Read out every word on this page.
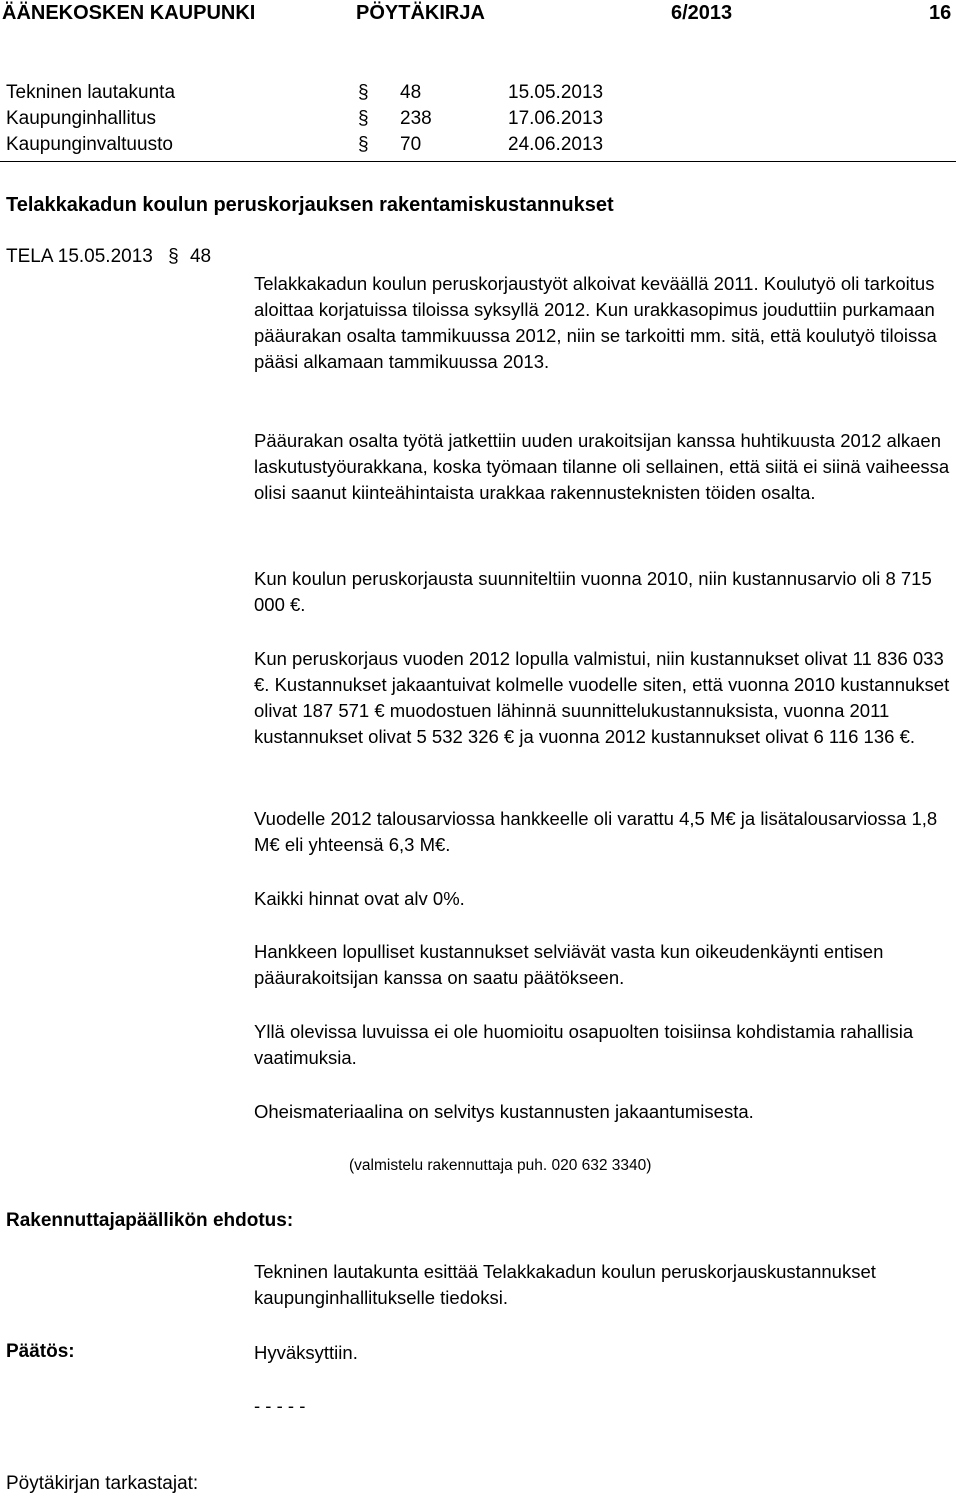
ÄÄNEKOSKEN KAUPUNKI	PÖYTÄKIRJA	6/2013	16
Tekninen lautakunta	§ 48	15.05.2013
Kaupunginhallitus	§ 238	17.06.2013
Kaupunginvaltuusto	§ 70	24.06.2013
Telakkakadun koulun peruskorjauksen rakentamiskustannukset
TELA 15.05.2013 § 48
Telakkakadun koulun peruskorjaustyöt alkoivat keväällä 2011. Koulutyö oli tarkoitus aloittaa korjatuissa tiloissa syksyllä 2012. Kun urakkasopimus jouduttiin purkamaan pääurakan osalta tammikuussa 2012, niin se tarkoitti mm. sitä, että koulutyö tiloissa pääsi alkamaan tammikuussa 2013.
Pääurakan osalta työtä jatkettiin uuden urakoitsijan kanssa huhtikuusta 2012 alkaen laskutustyöurakkana, koska työmaan tilanne oli sellainen, että siitä ei siinä vaiheessa olisi saanut kiinteähintaista urakkaa rakennusteknisten töiden osalta.
Kun koulun peruskorjausta suunniteltiin vuonna 2010, niin kustannusarvio oli 8 715 000 €.
Kun peruskorjaus vuoden 2012 lopulla valmistui, niin kustannukset olivat 11 836 033 €. Kustannukset jakaantuivat kolmelle vuodelle siten, että vuonna 2010 kustannukset olivat 187 571 € muodostuen lähinnä suunnittelukustannuksista, vuonna 2011 kustannukset olivat 5 532 326 € ja vuonna 2012 kustannukset olivat 6 116 136 €.
Vuodelle 2012 talousarviossa hankkeelle oli varattu 4,5 M€ ja lisätalousarviossa 1,8 M€ eli yhteensä 6,3 M€.
Kaikki hinnat ovat alv 0%.
Hankkeen lopulliset kustannukset selviävät vasta kun oikeudenkäynti entisen pääurakoitsijan kanssa on saatu päätökseen.
Yllä olevissa luvuissa ei ole huomioitu osapuolten toisiinsa kohdistamia rahallisia vaatimuksia.
Oheismateriaalina on selvitys kustannusten jakaantumisesta.
(valmistelu rakennuttaja puh. 020 632 3340)
Rakennuttajapäällikön ehdotus:
Tekninen lautakunta esittää Telakkakadun koulun peruskorjauskustannukset kaupunginhallitukselle tiedoksi.
Päätös:	Hyväksyttiin.
- - - - -
Pöytäkirjan tarkastajat:
